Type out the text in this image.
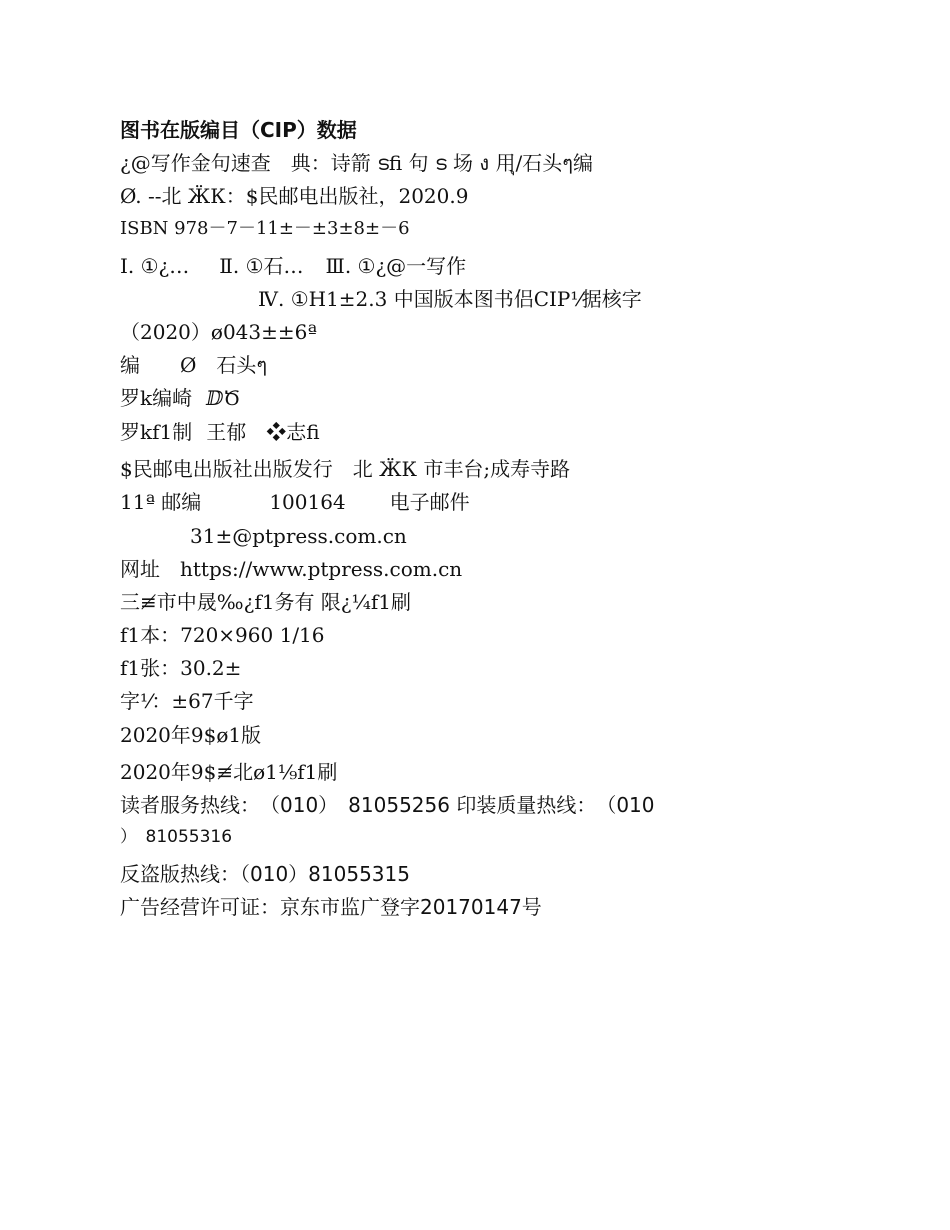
图书在版编目（CIP）数据
¿@写作金句速查　典：诗箭 ടfi 句 ട 场 ง 用ุ/石头ๆ编
Ø. --北 ӜК：$民邮电出版社，2020.9
ISBN 978－7－11±－±3±8±－6
Ⅰ. ①¿… Ⅱ. ①石… Ⅲ. ①¿@一写作
Ⅳ. ①H1±2.3 中国版本图书侣CIP⅟据核字
（2020）ø043±±6ª
编　　Ø 石头ๆ
罗k编崎 ⅅԾ
罗kf1制 王郁　❖志fi
$民邮电出版社出版发行　北 ӜК 市丰台;成寿寺路
11ª 邮编	100164 电子邮件
31±@ptpress.com.cn
网址 https://www.ptpress.com.cn
三≢市中晟‰¿f1务有 限¿¼f1刷
f1本：720×960 1/16
f1张：30.2±
字⅟：±67千字
2020年9$ø1版
2020年9$≢北ø1⅑f1刷
读者服务热线：　（010）　81055256 印装质量热线：　（010
）　81055316
反盗版热线：（010）81055315
广告经营许可证：京东市监广登字20170147号
